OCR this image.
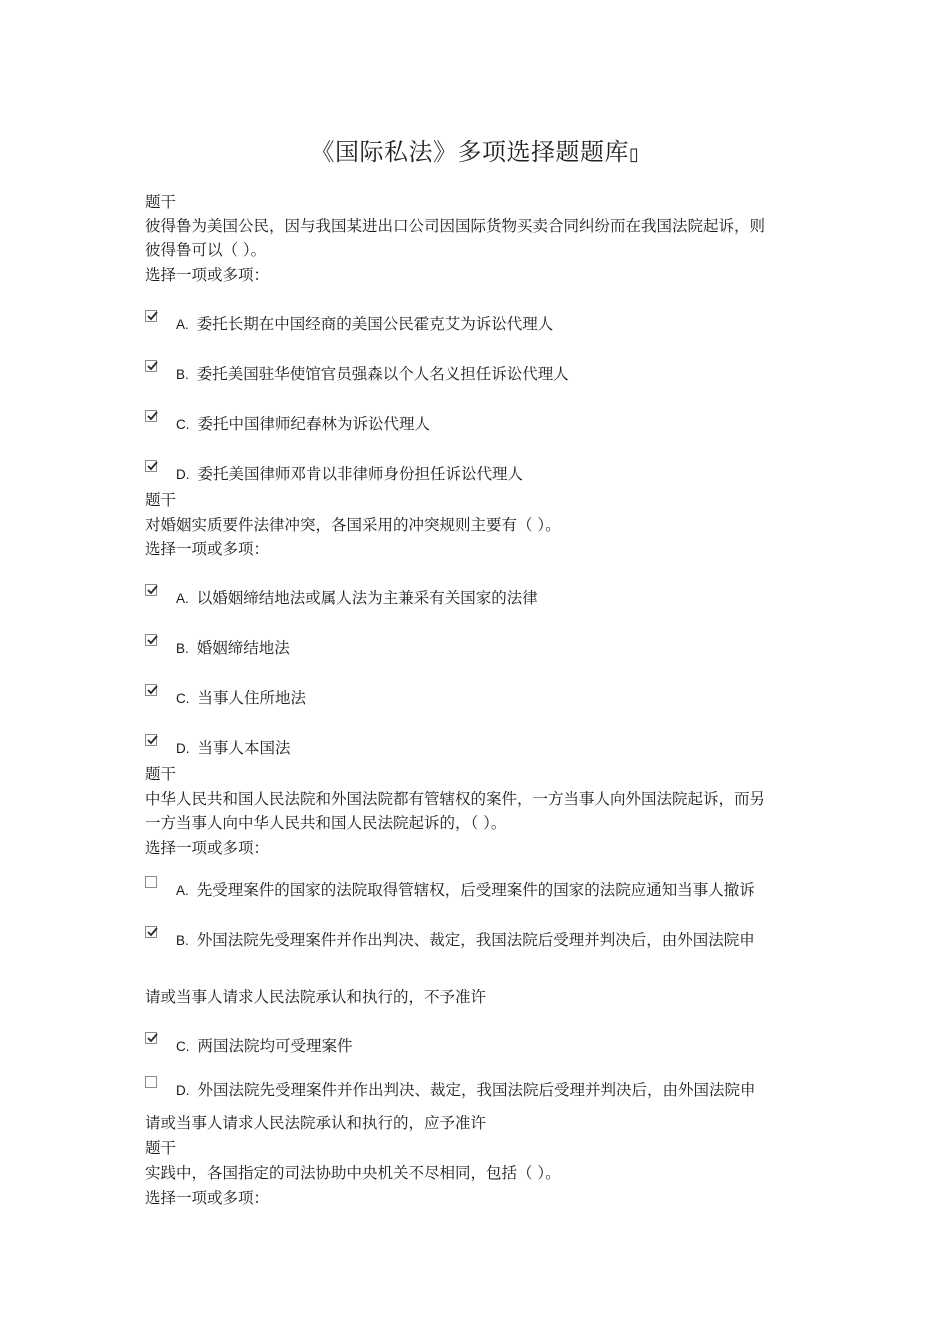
《国际私法》多项选择题题库▯
题干
彼得鲁为美国公民，因与我国某进出口公司因国际货物买卖合同纠纷而在我国法院起诉，则
彼得鲁可以（ ）。
选择一项或多项：
A. 委托长期在中国经商的美国公民霍克艾为诉讼代理人
B. 委托美国驻华使馆官员强森以个人名义担任诉讼代理人
C. 委托中国律师纪春林为诉讼代理人
D. 委托美国律师邓肯以非律师身份担任诉讼代理人
题干
对婚姻实质要件法律冲突，各国采用的冲突规则主要有（ ）。
选择一项或多项：
A. 以婚姻缔结地法或属人法为主兼采有关国家的法律
B. 婚姻缔结地法
C. 当事人住所地法
D. 当事人本国法
题干
中华人民共和国人民法院和外国法院都有管辖权的案件，一方当事人向外国法院起诉，而另
一方当事人向中华人民共和国人民法院起诉的，（ ）。
选择一项或多项：
A. 先受理案件的国家的法院取得管辖权，后受理案件的国家的法院应通知当事人撤诉
B. 外国法院先受理案件并作出判决、裁定，我国法院后受理并判决后，由外国法院申
请或当事人请求人民法院承认和执行的，不予准许
C. 两国法院均可受理案件
D. 外国法院先受理案件并作出判决、裁定，我国法院后受理并判决后，由外国法院申
请或当事人请求人民法院承认和执行的，应予准许
题干
实践中，各国指定的司法协助中央机关不尽相同，包括（ ）。
选择一项或多项：
